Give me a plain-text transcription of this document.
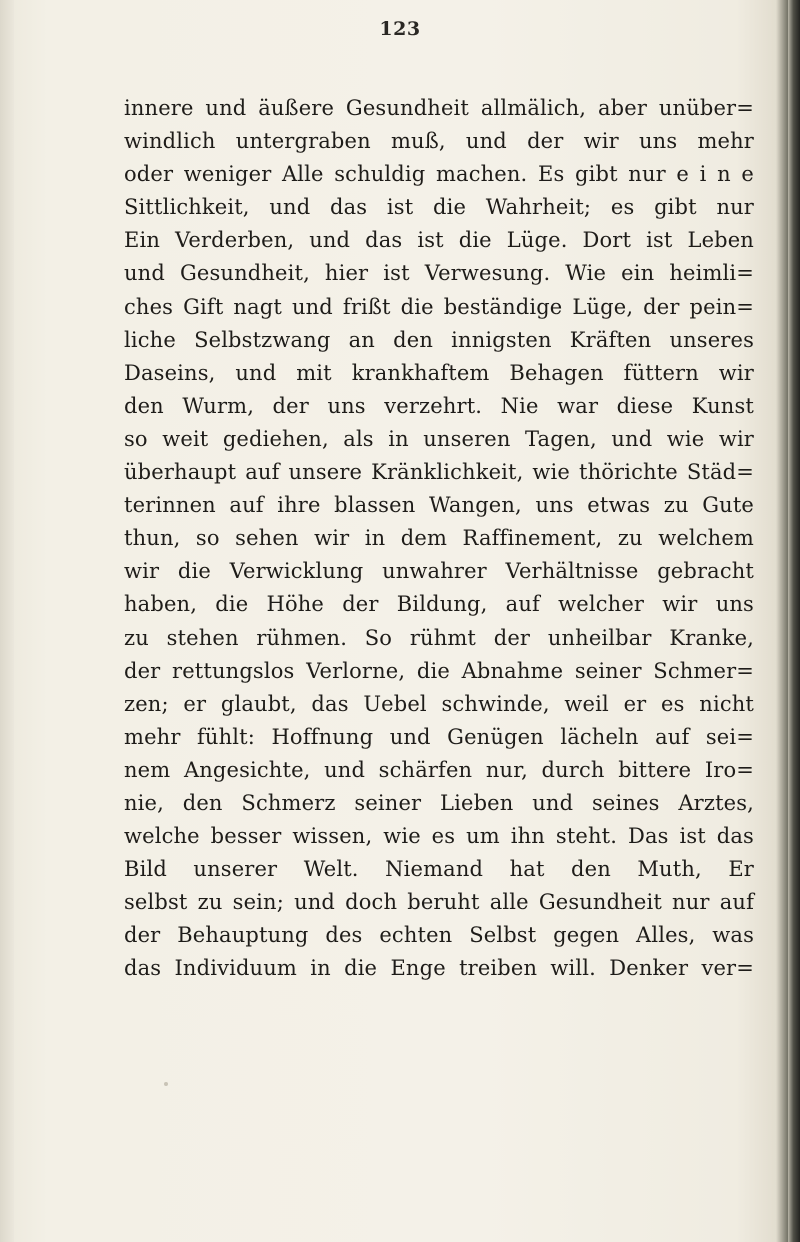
123
innere und äußere Gesundheit allmälich, aber unüber=
windlich untergraben muß, und der wir uns mehr
oder weniger Alle schuldig machen. Es gibt nur e i n e
Sittlichkeit, und das ist die Wahrheit; es gibt nur
Ein Verderben, und das ist die Lüge. Dort ist Leben
und Gesundheit, hier ist Verwesung. Wie ein heimli=
ches Gift nagt und frißt die beständige Lüge, der pein=
liche Selbstzwang an den innigsten Kräften unseres
Daseins, und mit krankhaftem Behagen füttern wir
den Wurm, der uns verzehrt. Nie war diese Kunst
so weit gediehen, als in unseren Tagen, und wie wir
überhaupt auf unsere Kränklichkeit, wie thörichte Städ=
terinnen auf ihre blassen Wangen, uns etwas zu Gute
thun, so sehen wir in dem Raffinement, zu welchem
wir die Verwicklung unwahrer Verhältnisse gebracht
haben, die Höhe der Bildung, auf welcher wir uns
zu stehen rühmen. So rühmt der unheilbar Kranke,
der rettungslos Verlorne, die Abnahme seiner Schmer=
zen; er glaubt, das Uebel schwinde, weil er es nicht
mehr fühlt: Hoffnung und Genügen lächeln auf sei=
nem Angesichte, und schärfen nur, durch bittere Iro=
nie, den Schmerz seiner Lieben und seines Arztes,
welche besser wissen, wie es um ihn steht. Das ist das
Bild unserer Welt. Niemand hat den Muth, Er
selbst zu sein; und doch beruht alle Gesundheit nur auf
der Behauptung des echten Selbst gegen Alles, was
das Individuum in die Enge treiben will. Denker ver=
